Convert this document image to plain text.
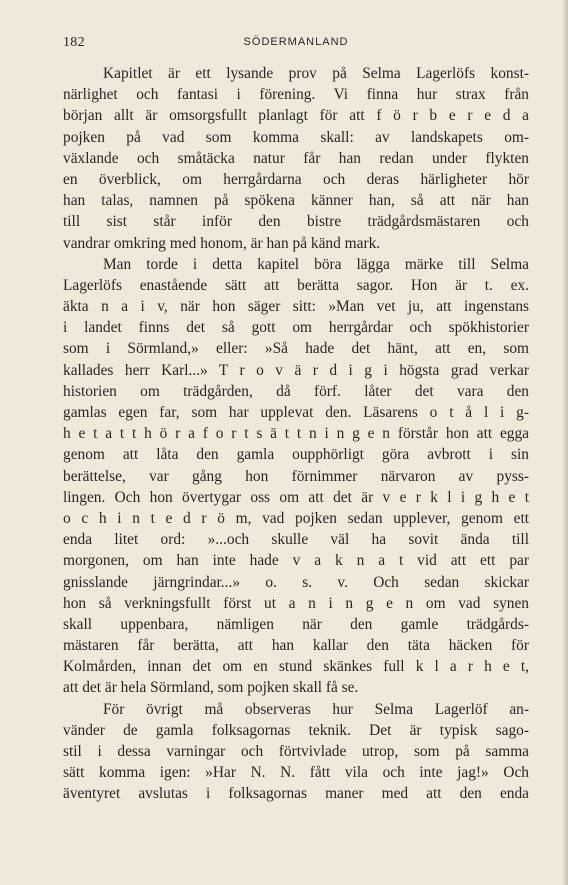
182	SÖDERMANLAND
Kapitlet är ett lysande prov på Selma Lagerlöfs konst-
närlighet och fantasi i förening. Vi finna hur strax från
början allt är omsorgsfullt planlagt för att f ö r b e r e d a
pojken på vad som komma skall: av landskapets om-
växlande och småtäcka natur får han redan under flykten
en överblick, om herrgårdarna och deras härligheter hör
han talas, namnen på spökena känner han, så att när han
till sist står inför den bistre trädgårdsmästaren och
vandrar omkring med honom, är han på känd mark.
Man torde i detta kapitel böra lägga märke till Selma
Lagerlöfs enastående sätt att berätta sagor. Hon är t. ex.
äkta n a i v, när hon säger sitt: »Man vet ju, att ingenstans
i landet finns det så gott om herrgårdar och spökhistorier
som i Sörmland,» eller: »Så hade det hänt, att en, som
kallades herr Karl...» T r o v ä r d i g i högsta grad verkar
historien om trädgården, då förf. låter det vara den
gamlas egen far, som har upplevat den. Läsarens o t å l i g-
h e t a t t h ö r a f o r t s ä t t n i n g e n förstår hon att egga
genom att låta den gamla oupphörligt göra avbrott i sin
berättelse, var gång hon förnimmer närvaron av pyss-
lingen. Och hon övertygar oss om att det är v e r k l i g h e t
o c h i n t e d r ö m, vad pojken sedan upplever, genom ett
enda litet ord: »...och skulle väl ha sovit ända till
morgonen, om han inte hade v a k n a t vid att ett par
gnisslande järngrindar...» o. s. v. Och sedan skickar
hon så verkningsfullt först ut a n i n g e n om vad synen
skall uppenbara, nämligen när den gamle trädgårds-
mästaren får berätta, att han kallar den täta häcken för
Kolmården, innan det om en stund skänkes full k l a r h e t,
att det är hela Sörmland, som pojken skall få se.
För övrigt må observeras hur Selma Lagerlöf an-
vänder de gamla folksagornas teknik. Det är typisk sago-
stil i dessa varningar och förtvivlade utrop, som på samma
sätt komma igen: »Har N. N. fått vila och inte jag!» Och
äventyret avslutas i folksagornas maner med att den enda
